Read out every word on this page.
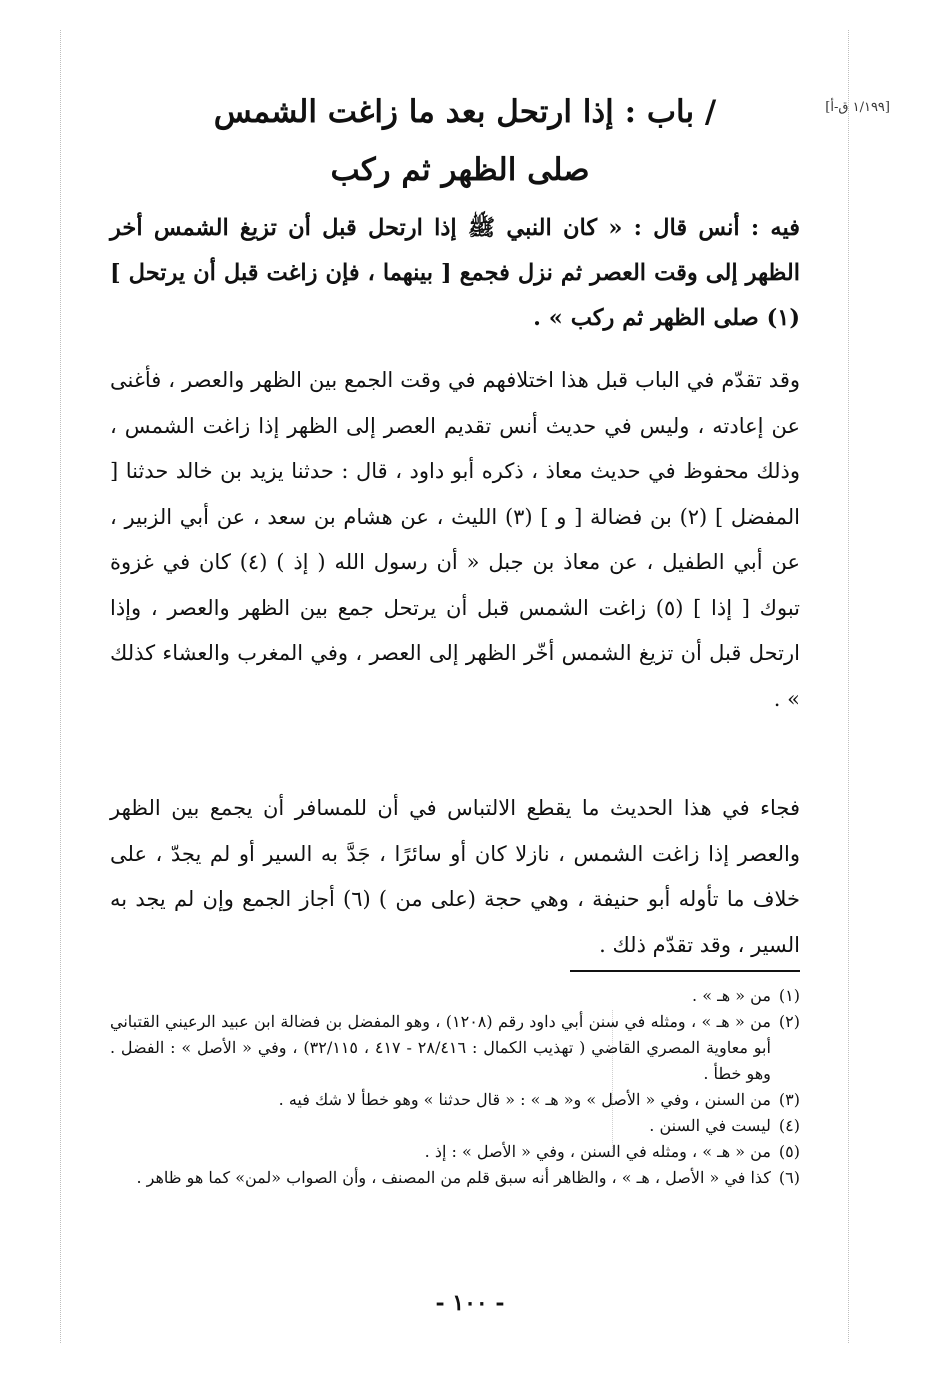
[١/١٩٩ ق-أ]
/ باب : إذا ارتحل بعد ما زاغت الشمس
صلى الظهر ثم ركب
فيه : أنس قال : « كان النبي ﷺ إذا ارتحل قبل أن تزيغ الشمس أخر الظهر إلى وقت العصر ثم نزل فجمع [ بينهما ، فإن زاغت قبل أن يرتحل ] (١) صلى الظهر ثم ركب » .
وقد تقدّم في الباب قبل هذا اختلافهم في وقت الجمع بين الظهر والعصر ، فأغنى عن إعادته ، وليس في حديث أنس تقديم العصر إلى الظهر إذا زاغت الشمس ، وذلك محفوظ في حديث معاذ ، ذكره أبو داود ، قال : حدثنا يزيد بن خالد حدثنا [ المفضل ] (٢) بن فضالة [ و ] (٣) الليث ، عن هشام بن سعد ، عن أبي الزبير ، عن أبي الطفيل ، عن معاذ بن جبل « أن رسول الله ( إذ ) (٤) كان في غزوة تبوك [ إذا ] (٥) زاغت الشمس قبل أن يرتحل جمع بين الظهر والعصر ، وإذا ارتحل قبل أن تزيغ الشمس أخّر الظهر إلى العصر ، وفي المغرب والعشاء كذلك » .
فجاء في هذا الحديث ما يقطع الالتباس في أن للمسافر أن يجمع بين الظهر والعصر إذا زاغت الشمس ، نازلا كان أو سائرًا ، جَدَّ به السير أو لم يجدّ ، على خلاف ما تأوله أبو حنيفة ، وهي حجة (على من ) (٦) أجاز الجمع وإن لم يجد به السير ، وقد تقدّم ذلك .
(١)
من « هـ » .
(٢)
من « هـ » ، ومثله في سنن أبي داود رقم (١٢٠٨) ، وهو المفضل بن فضالة ابن عبيد الرعيني القتباني أبو معاوية المصري القاضي ( تهذيب الكمال : ٢٨/٤١٦ - ٤١٧ ، ٣٢/١١٥) ، وفي « الأصل » : الفضل . وهو خطأ .
(٣)
من السنن ، وفي « الأصل » و« هـ » : « قال حدثنا » وهو خطأ لا شك فيه .
(٤)
ليست في السنن .
(٥)
من « هـ » ، ومثله في السنن ، وفي « الأصل » : إذ .
(٦)
كذا في « الأصل ، هـ » ، والظاهر أنه سبق قلم من المصنف ، وأن الصواب «لمن» كما هو ظاهر .
- ١٠٠ -
